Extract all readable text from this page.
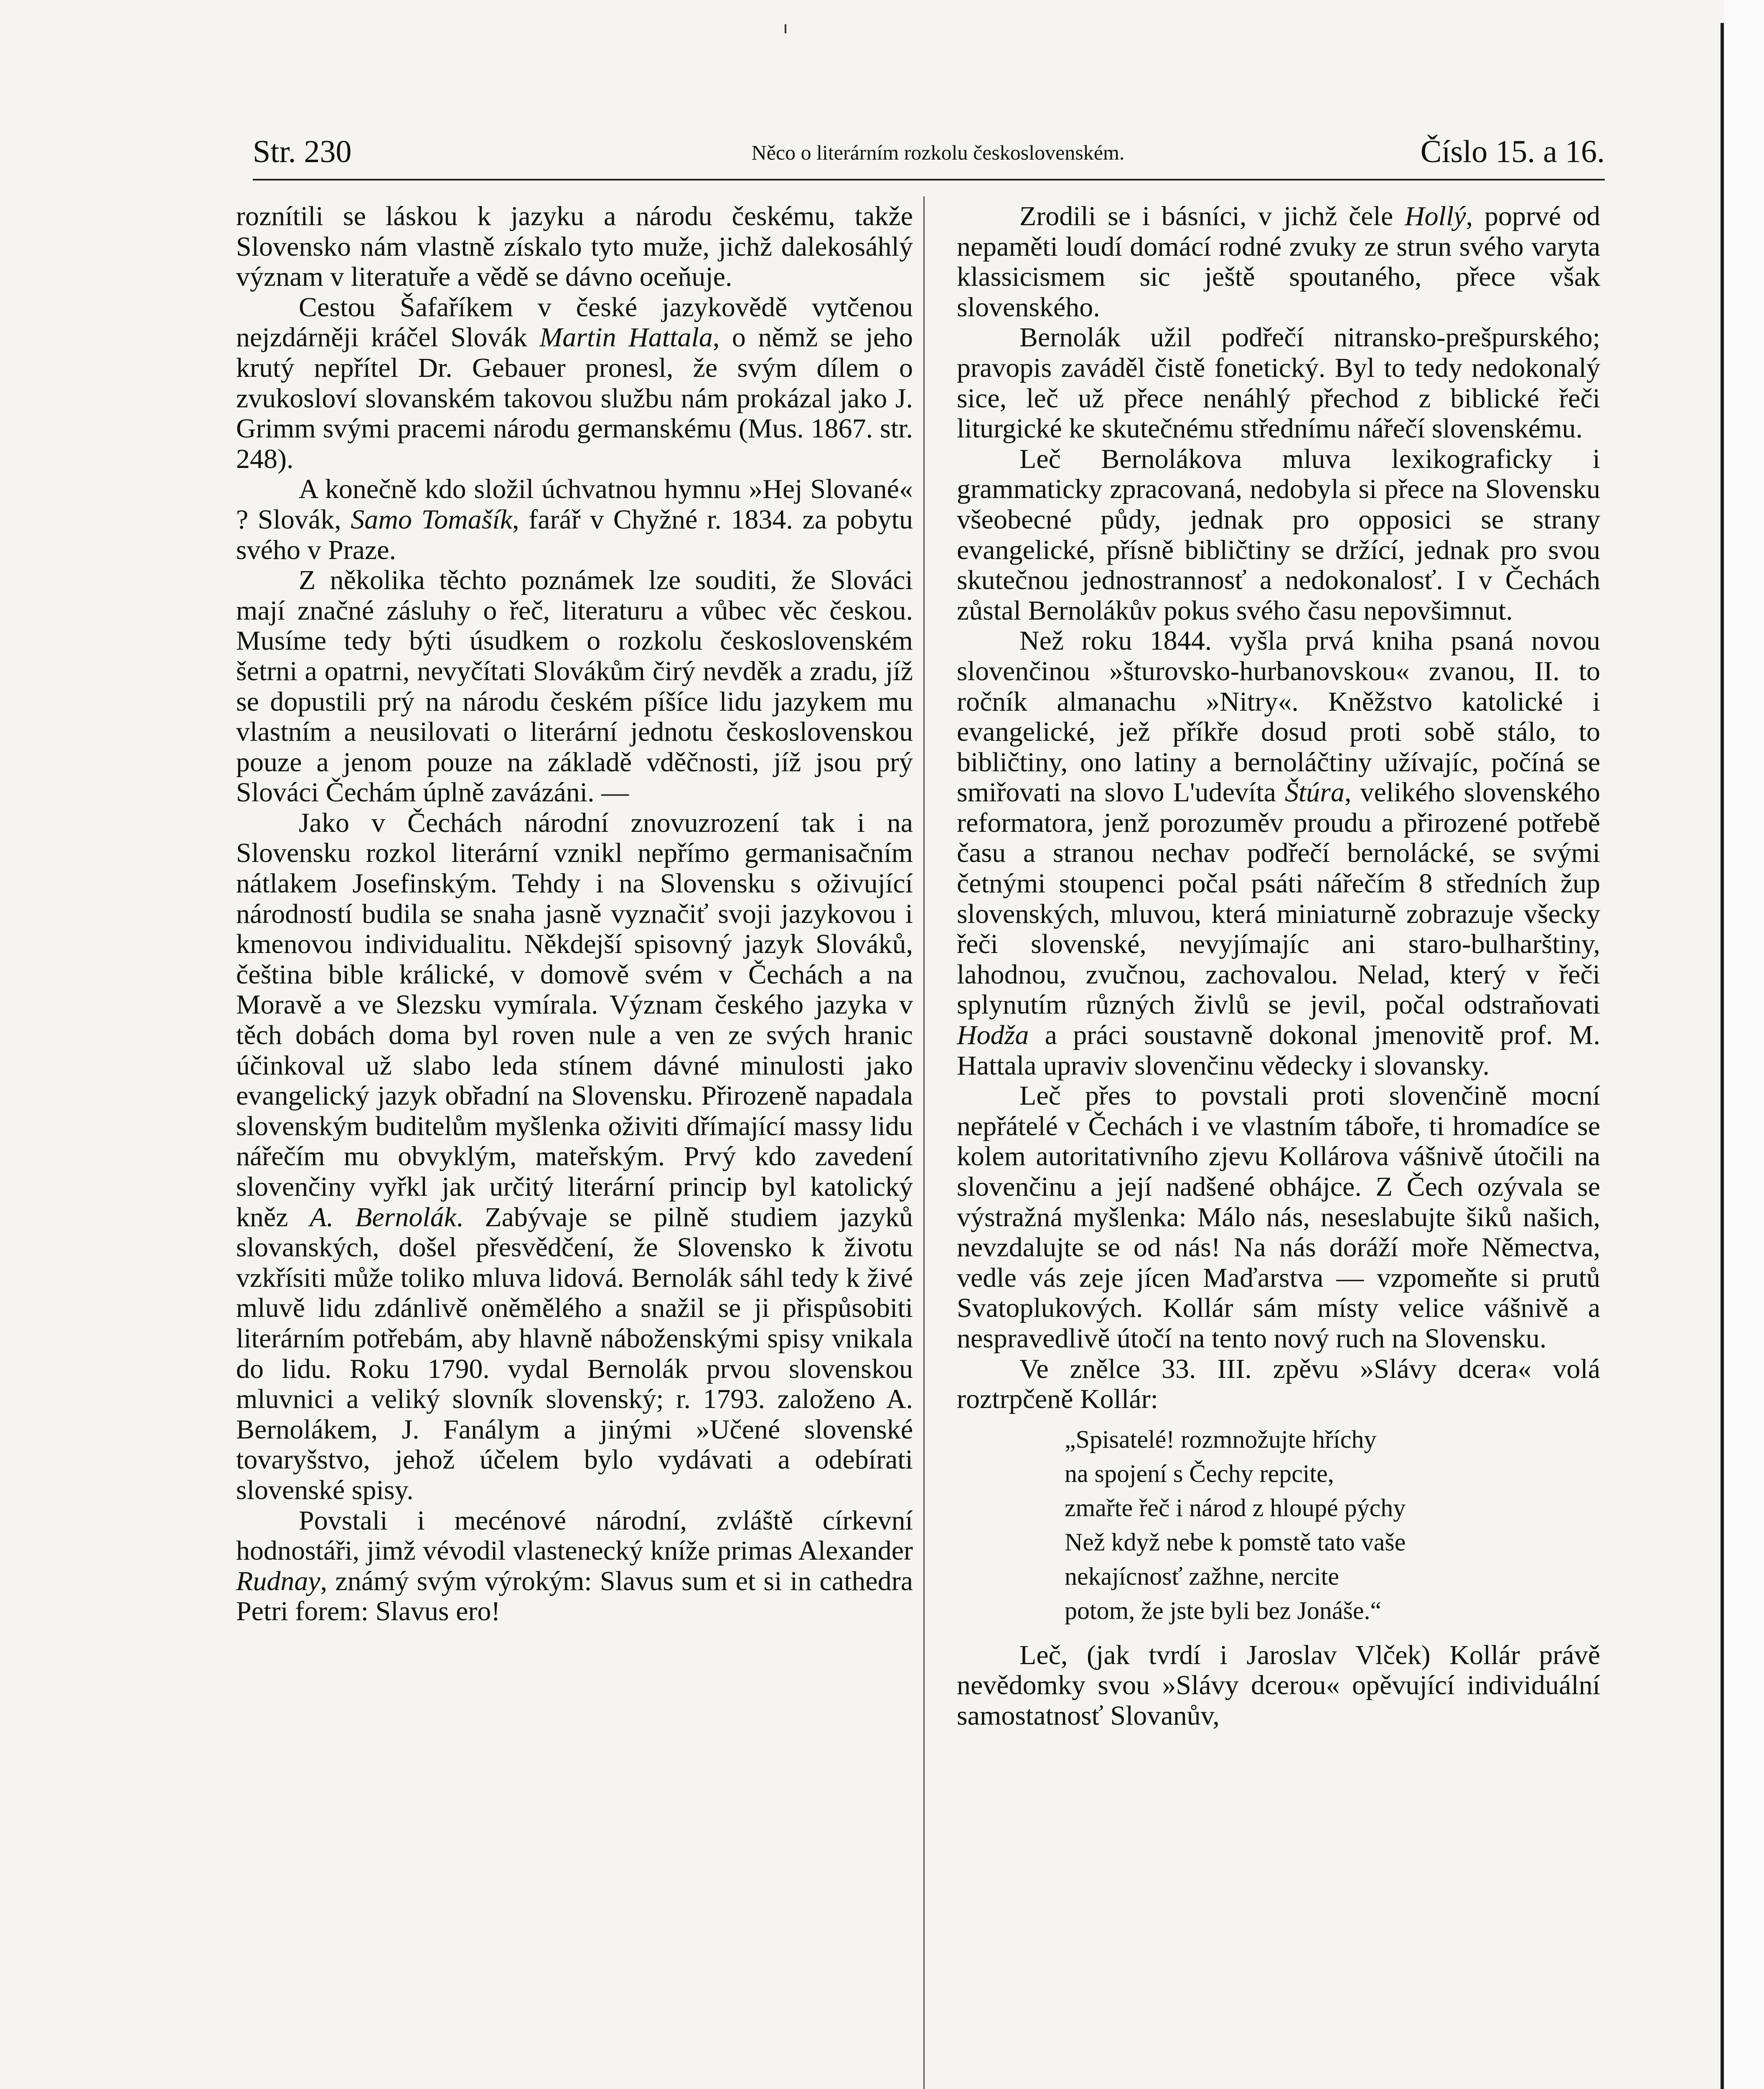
Str. 230	Něco o literárním rozkolu československém.	Číslo 15. a 16.

roznítili se láskou k jazyku a národu českému, takže Slovensko nám vlastně získalo tyto muže, jichž dalekosáhlý význam v literatuře a vědě se dávno oceňuje.

Cestou Šafaříkem v české jazykovědě vytčenou nejzdárněji kráčel Slovák Martin Hattala, o němž se jeho krutý nepřítel Dr. Gebauer pronesl, že svým dílem o zvukosloví slovanském takovou službu nám prokázal jako J. Grimm svými pracemi národu germanskému (Mus. 1867. str. 248).

A konečně kdo složil úchvatnou hymnu »Hej Slované« ? Slovák, Samo Tomašík, farář v Chyžné r. 1834. za pobytu svého v Praze.

Z několika těchto poznámek lze souditi, že Slováci mají značné zásluhy o řeč, literaturu a vůbec věc českou. Musíme tedy býti úsudkem o rozkolu československém šetrni a opatrni, nevyčítati Slovákům čirý nevděk a zradu, jíž se dopustili prý na národu českém píšíce lidu jazykem mu vlastním a neusilovati o literární jednotu československou pouze a jenom pouze na základě vděčnosti, jíž jsou prý Slováci Čechám úplně zavázáni. —

Jako v Čechách národní znovuzrození tak i na Slovensku rozkol literární vznikl nepřímo germanisačním nátlakem Josefinským. Tehdy i na Slovensku s oživující národností budila se snaha jasně vyznačiť svoji jazykovou i kmenovou individualitu. Někdejší spisovný jazyk Slováků, čeština bible králické, v domově svém v Čechách a na Moravě a ve Slezsku vymírala. Význam českého jazyka v těch dobách doma byl roven nule a ven ze svých hranic účinkoval už slabo leda stínem dávné minulosti jako evangelický jazyk obřadní na Slovensku. Přirozeně napadala slovenským buditelům myšlenka oživiti dřímající massy lidu nářečím mu obvyklým, mateřským. Prvý kdo zavedení slovenčiny vyřkl jak určitý literární princip byl katolický kněz A. Bernolák. Zabývaje se pilně studiem jazyků slovanských, došel přesvědčení, že Slovensko k životu vzkřísiti může toliko mluva lidová. Bernolák sáhl tedy k živé mluvě lidu zdánlivě oněmělého a snažil se ji přispůsobiti literárním potřebám, aby hlavně náboženskými spisy vnikala do lidu. Roku 1790. vydal Bernolák prvou slovenskou mluvnici a veliký slovník slovenský; r. 1793. založeno A. Bernolákem, J. Fanálym a jinými »Učené slovenské tovaryšstvo, jehož účelem bylo vydávati a odebírati slovenské spisy.

Povstali i mecénové národní, zvláště církevní hodnostáři, jimž vévodil vlastenecký kníže primas Alexander Rudnay, známý svým výrokým: Slavus sum et si in cathedra Petri forem: Slavus ero!

Zrodili se i básníci, v jichž čele Hollý, poprvé od nepaměti loudí domácí rodné zvuky ze strun svého varyta klassicismem sic ještě spoutaného, přece však slovenského.

Bernolák užil podřečí nitransko-prešpurského; pravopis zaváděl čistě fonetický. Byl to tedy nedokonalý sice, leč už přece nenáhlý přechod z biblické řeči liturgické ke skutečnému střednímu nářečí slovenskému.

Leč Bernolákova mluva lexikograficky i grammaticky zpracovaná, nedobyla si přece na Slovensku všeobecné půdy, jednak pro opposici se strany evangelické, přísně bibličtiny se držící, jednak pro svou skutečnou jednostrannosť a nedokonalosť. I v Čechách zůstal Bernolákův pokus svého času nepovšimnut.

Než roku 1844. vyšla prvá kniha psaná novou slovenčinou »šturovsko-hurbanovskou« zvanou, II. to ročník almanachu »Nitry«. Kněžstvo katolické i evangelické, jež příkře dosud proti sobě stálo, to bibličtiny, ono latiny a bernoláčtiny užívajíc, počíná se smiřovati na slovo L'udevíta Štúra, velikého slovenského reformatora, jenž porozuměv proudu a přirozené potřebě času a stranou nechav podřečí bernolácké, se svými četnými stoupenci počal psáti nářečím 8 středních žup slovenských, mluvou, která miniaturně zobrazuje všecky řeči slovenské, nevyjímajíc ani staro-bulharštiny, lahodnou, zvučnou, zachovalou. Nelad, který v řeči splynutím různých živlů se jevil, počal odstraňovati Hodža a práci soustavně dokonal jmenovitě prof. M. Hattala upraviv slovenčinu vědecky i slovansky.

Leč přes to povstali proti slovenčině mocní nepřátelé v Čechách i ve vlastním táboře, ti hromadíce se kolem autoritativního zjevu Kollárova vášnivě útočili na slovenčinu a její nadšené obhájce. Z Čech ozývala se výstražná myšlenka: Málo nás, neseslabujte šiků našich, nevzdalujte se od nás! Na nás doráží moře Němectva, vedle vás zeje jícen Maďarstva — vzpomeňte si prutů Svatoplukových. Kollár sám místy velice vášnivě a nespravedlivě útočí na tento nový ruch na Slovensku.

Ve znělce 33. III. zpěvu »Slávy dcera« volá roztrpčeně Kollár:

„Spisatelé! rozmnožujte hříchy
na spojení s Čechy repcite,
zmařte řeč i národ z hloupé pýchy
Než když nebe k pomstě tato vaše
nekajícnosť zažhne, nercite
potom, že jste byli bez Jonáše.“

Leč, (jak tvrdí i Jaroslav Vlček) Kollár právě nevědomky svou »Slávy dcerou« opěvující individuální samostatnosť Slovanův,
